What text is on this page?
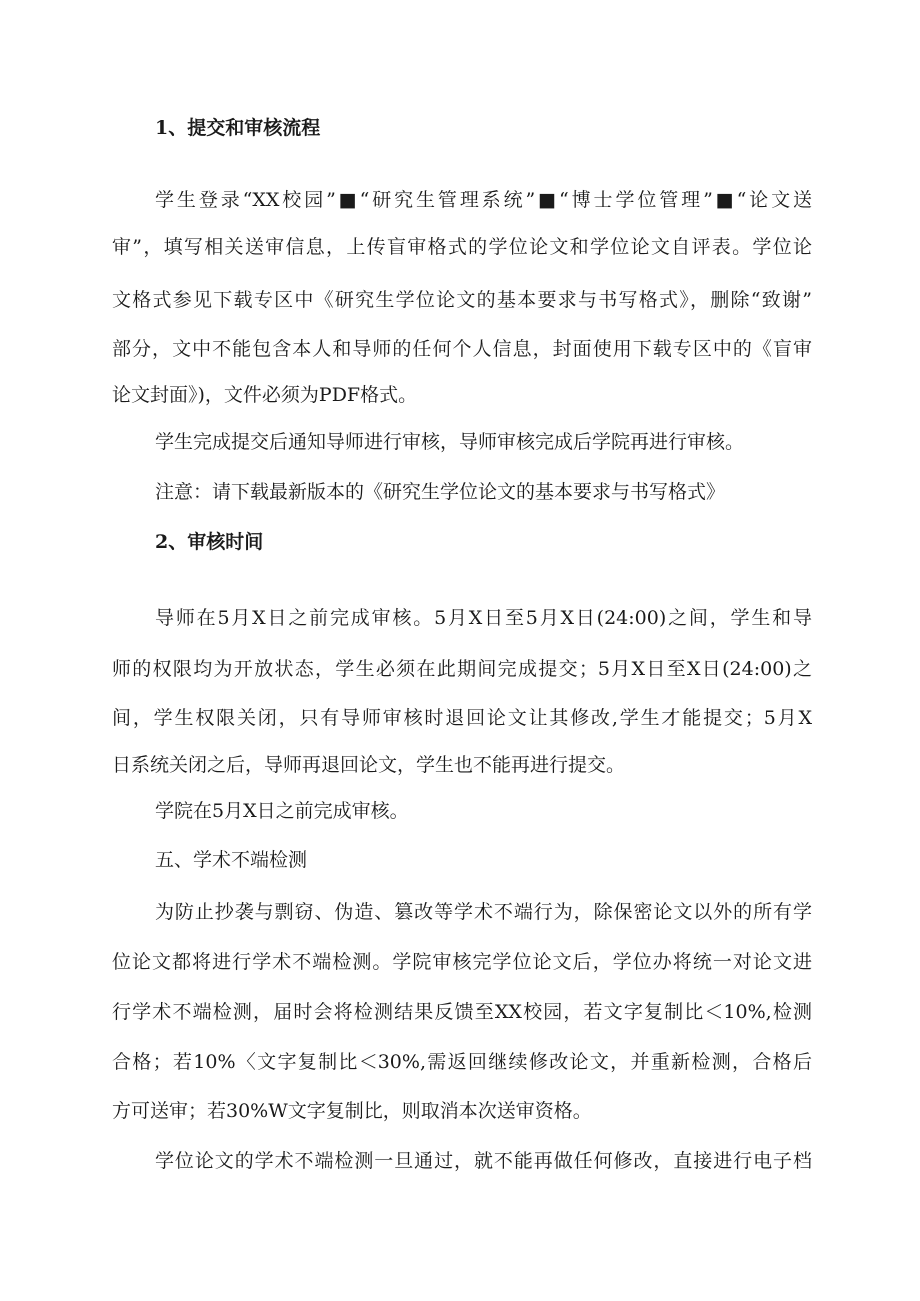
1、提交和审核流程
学生登录“XX校园”■“研究生管理系统”■“博士学位管理”■“论文送
审”，填写相关送审信息，上传盲审格式的学位论文和学位论文自评表。学位论
文格式参见下载专区中《研究生学位论文的基本要求与书写格式》，删除“致谢”
部分，文中不能包含本人和导师的任何个人信息，封面使用下载专区中的《盲审
论文封面》)，文件必须为PDF格式。
学生完成提交后通知导师进行审核，导师审核完成后学院再进行审核。
注意：请下载最新版本的《研究生学位论文的基本要求与书写格式》
2、审核时间
导师在5月X日之前完成审核。5月X日至5月X日(24:00)之间，学生和导
师的权限均为开放状态，学生必须在此期间完成提交；5月X日至X日(24:00)之
间，学生权限关闭，只有导师审核时退回论文让其修改,学生才能提交；5月X
日系统关闭之后，导师再退回论文，学生也不能再进行提交。
学院在5月X日之前完成审核。
五、学术不端检测
为防止抄袭与剽窃、伪造、篡改等学术不端行为，除保密论文以外的所有学
位论文都将进行学术不端检测。学院审核完学位论文后，学位办将统一对论文进
行学术不端检测，届时会将检测结果反馈至XX校园，若文字复制比＜10%,检测
合格；若10%〈文字复制比＜30%,需返回继续修改论文，并重新检测，合格后
方可送审；若30%W文字复制比，则取消本次送审资格。
学位论文的学术不端检测一旦通过，就不能再做任何修改，直接进行电子档
